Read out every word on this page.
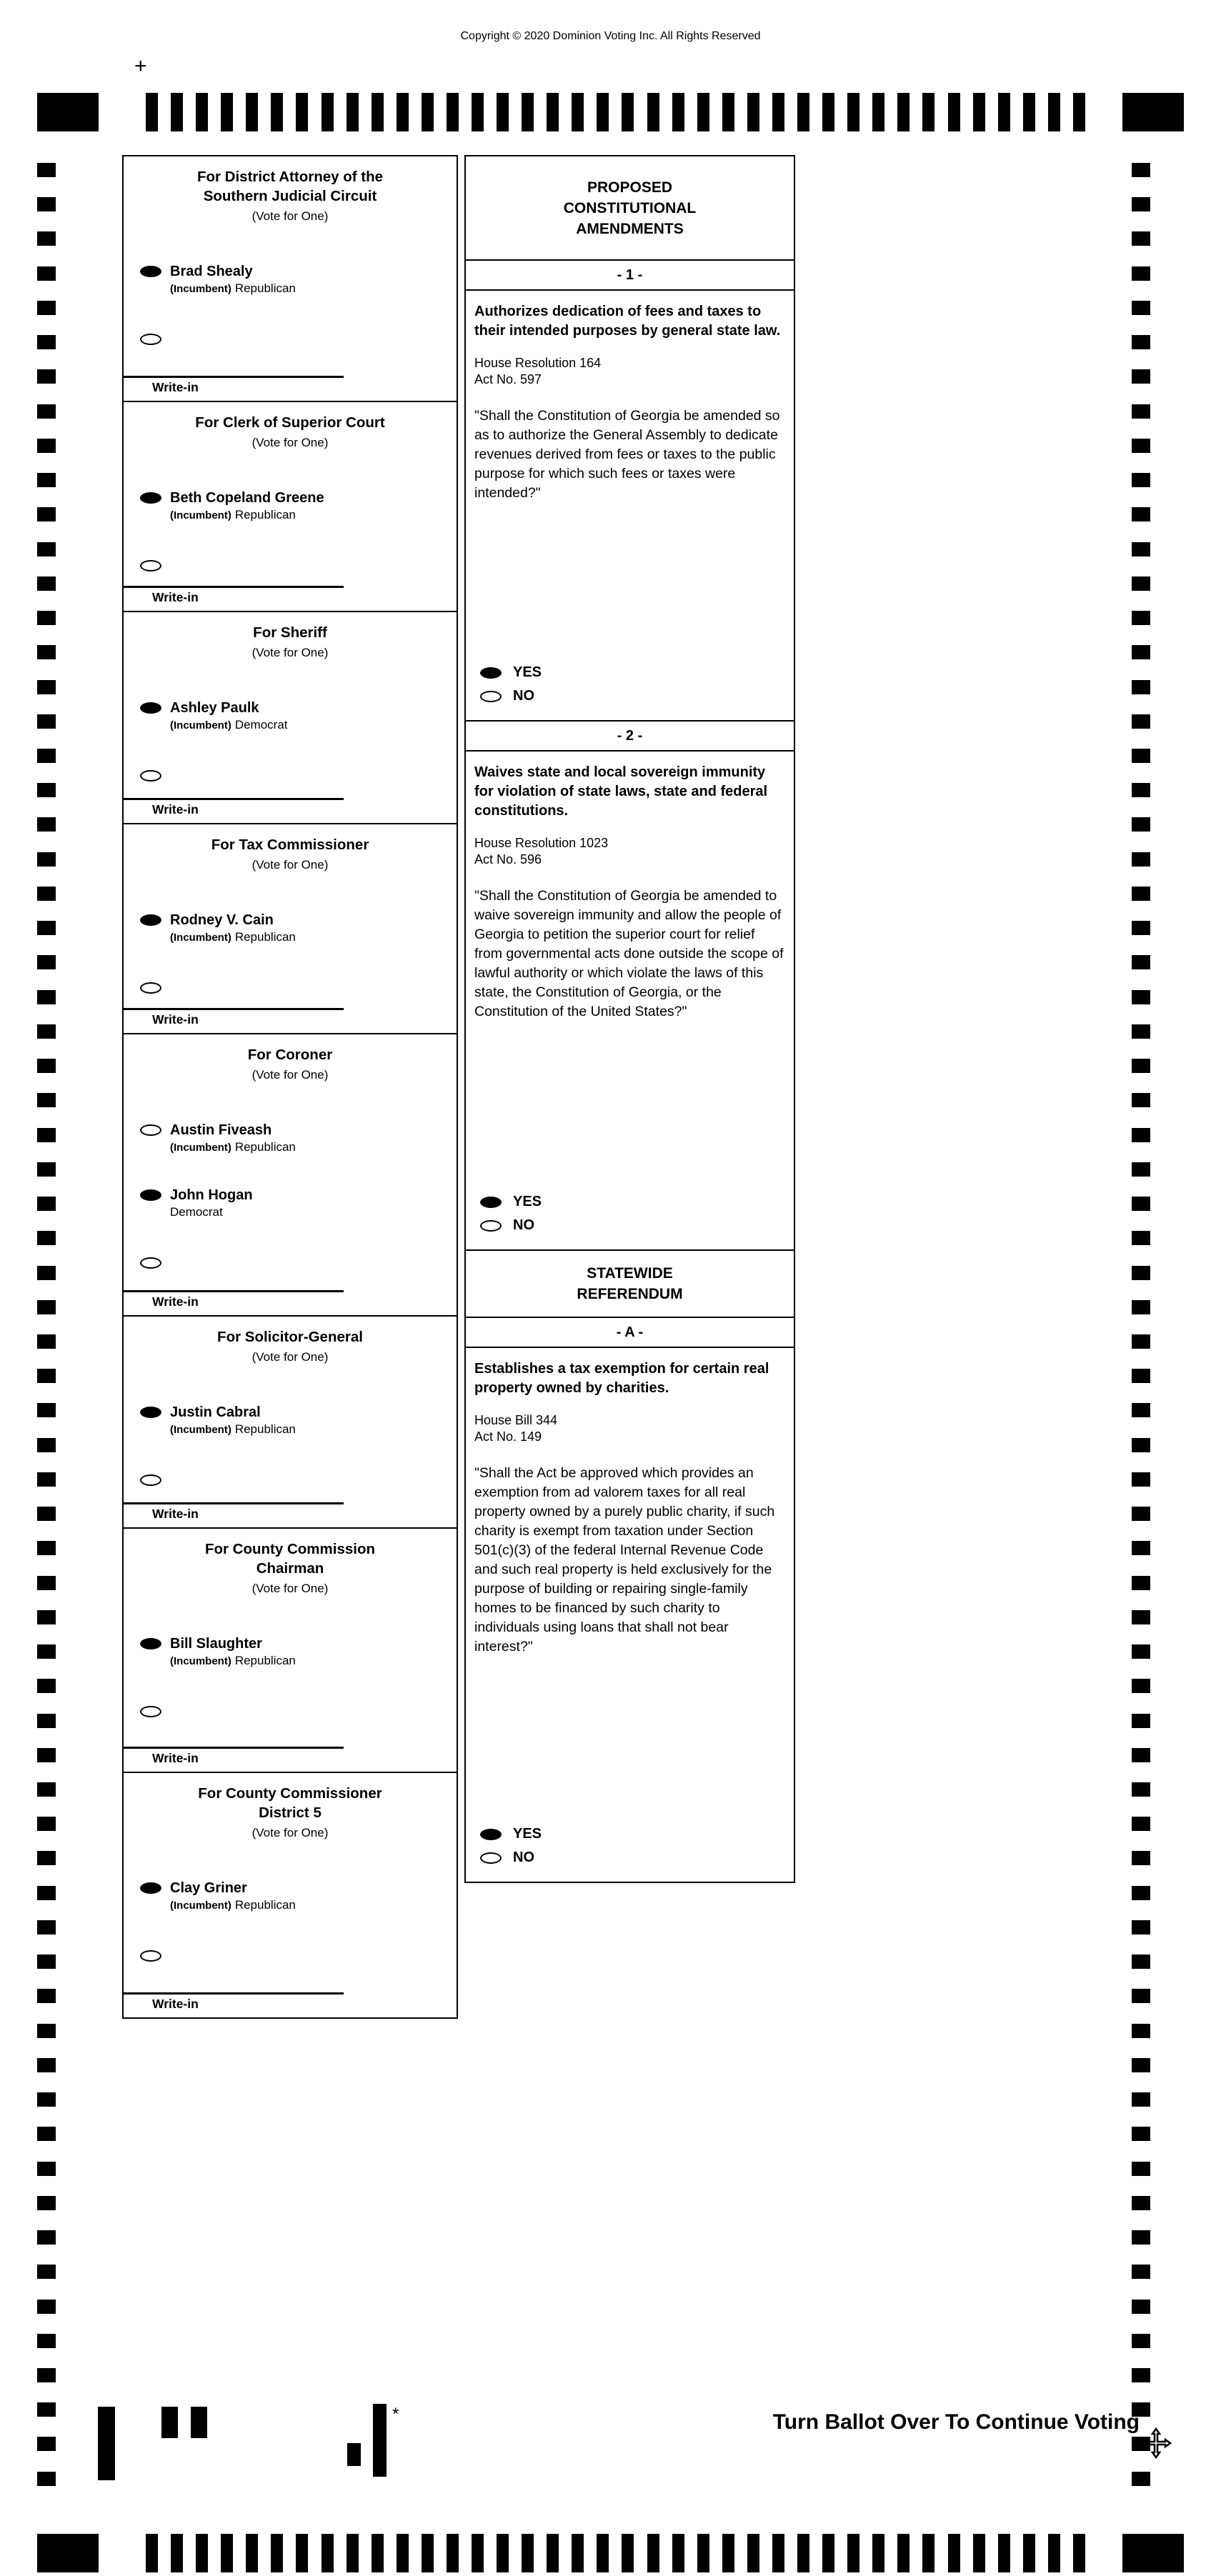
Copyright © 2020 Dominion Voting Inc. All Rights Reserved
+
For District Attorney of the
Southern Judicial Circuit
(Vote for One)
Brad Shealy
(Incumbent) Republican
Write-in
For Clerk of Superior Court
(Vote for One)
Beth Copeland Greene
(Incumbent) Republican
Write-in
For Sheriff
(Vote for One)
Ashley Paulk
(Incumbent) Democrat
Write-in
For Tax Commissioner
(Vote for One)
Rodney V. Cain
(Incumbent) Republican
Write-in
For Coroner
(Vote for One)
Austin Fiveash
(Incumbent) Republican
John Hogan
Democrat
Write-in
For Solicitor-General
(Vote for One)
Justin Cabral
(Incumbent) Republican
Write-in
For County Commission
Chairman
(Vote for One)
Bill Slaughter
(Incumbent) Republican
Write-in
For County Commissioner
District 5
(Vote for One)
Clay Griner
(Incumbent) Republican
Write-in
PROPOSED
CONSTITUTIONAL
AMENDMENTS
- 1 -
Authorizes dedication of fees and taxes to their intended purposes by general state law.
House Resolution 164
Act No. 597
"Shall the Constitution of Georgia be amended so as to authorize the General Assembly to dedicate revenues derived from fees or taxes to the public purpose for which such fees or taxes were intended?"
YES
NO
- 2 -
Waives state and local sovereign immunity for violation of state laws, state and federal constitutions.
House Resolution 1023
Act No. 596
"Shall the Constitution of Georgia be amended to waive sovereign immunity and allow the people of Georgia to petition the superior court for relief from governmental acts done outside the scope of lawful authority or which violate the laws of this state, the Constitution of Georgia, or the Constitution of the United States?"
YES
NO
STATEWIDE
REFERENDUM
- A -
Establishes a tax exemption for certain real property owned by charities.
House Bill 344
Act No. 149
"Shall the Act be approved which provides an exemption from ad valorem taxes for all real property owned by a purely public charity, if such charity is exempt from taxation under Section 501(c)(3) of the federal Internal Revenue Code and such real property is held exclusively for the purpose of building or repairing single-family homes to be financed by such charity to individuals using loans that shall not bear interest?"
YES
NO
Turn Ballot Over To Continue Voting
*
